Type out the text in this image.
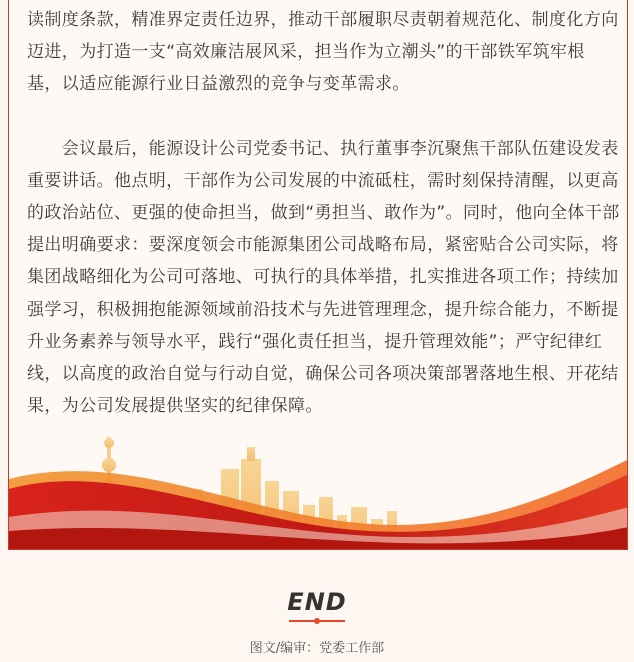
读制度条款，精准界定责任边界，推动干部履职尽责朝着规范化、制度化方向
迈进，为打造一支“高效廉洁展风采，担当作为立潮头”的干部铁军筑牢根
基，以适应能源行业日益激烈的竞争与变革需求。
　　会议最后，能源设计公司党委书记、执行董事李沉聚焦干部队伍建设发表
重要讲话。他点明，干部作为公司发展的中流砥柱，需时刻保持清醒，以更高
的政治站位、更强的使命担当，做到“勇担当、敢作为”。同时，他向全体干部
提出明确要求：要深度领会市能源集团公司战略布局，紧密贴合公司实际，将
集团战略细化为公司可落地、可执行的具体举措，扎实推进各项工作；持续加
强学习，积极拥抱能源领域前沿技术与先进管理理念，提升综合能力，不断提
升业务素养与领导水平，践行“强化责任担当，提升管理效能”；严守纪律红
线，以高度的政治自觉与行动自觉，确保公司各项决策部署落地生根、开花结
果，为公司发展提供坚实的纪律保障。
END
图文/编审：党委工作部
